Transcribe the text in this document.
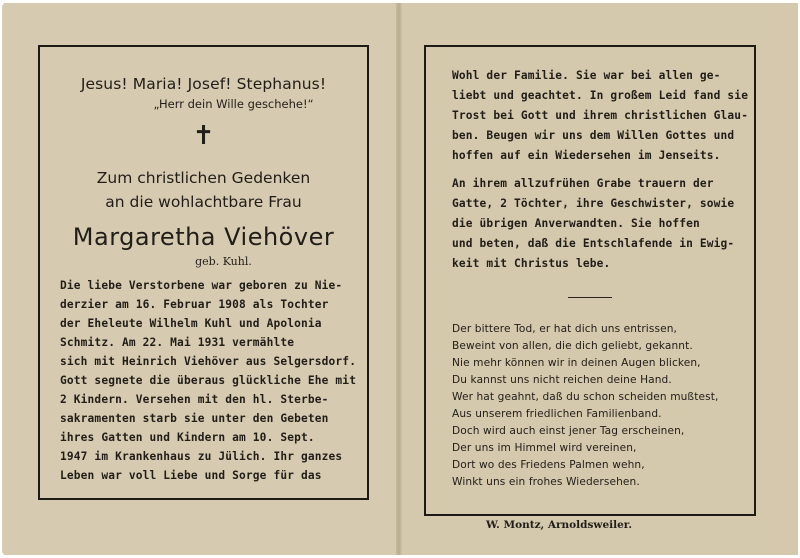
Jesus! Maria! Josef! Stephanus!
„Herr dein Wille geschehe!“
✝
Zum christlichen Gedenken
an die wohlachtbare Frau
Margaretha Viehöver
geb. Kuhl.
Die liebe Verstorbene war geboren zu Nie-
derzier am 16. Februar 1908 als Tochter
der Eheleute Wilhelm Kuhl und Apolonia
Schmitz. Am 22. Mai 1931 vermählte
sich mit Heinrich Viehöver aus Selgersdorf.
Gott segnete die überaus glückliche Ehe mit
2 Kindern. Versehen mit den hl. Sterbe-
sakramenten starb sie unter den Gebeten
ihres Gatten und Kindern am 10. Sept.
1947 im Krankenhaus zu Jülich. Ihr ganzes
Leben war voll Liebe und Sorge für das
Wohl der Familie. Sie war bei allen ge-
liebt und geachtet. In großem Leid fand sie
Trost bei Gott und ihrem christlichen Glau-
ben. Beugen wir uns dem Willen Gottes und
hoffen auf ein Wiedersehen im Jenseits.
An ihrem allzufrühen Grabe trauern der
Gatte, 2 Töchter, ihre Geschwister, sowie
die übrigen Anverwandten. Sie hoffen
und beten, daß die Entschlafende in Ewig-
keit mit Christus lebe.
Der bittere Tod, er hat dich uns entrissen,
Beweint von allen, die dich geliebt, gekannt.
Nie mehr können wir in deinen Augen blicken,
Du kannst uns nicht reichen deine Hand.
Wer hat geahnt, daß du schon scheiden mußtest,
Aus unserem friedlichen Familienband.
Doch wird auch einst jener Tag erscheinen,
Der uns im Himmel wird vereinen,
Dort wo des Friedens Palmen wehn,
Winkt uns ein frohes Wiedersehen.
W. Montz, Arnoldsweiler.
